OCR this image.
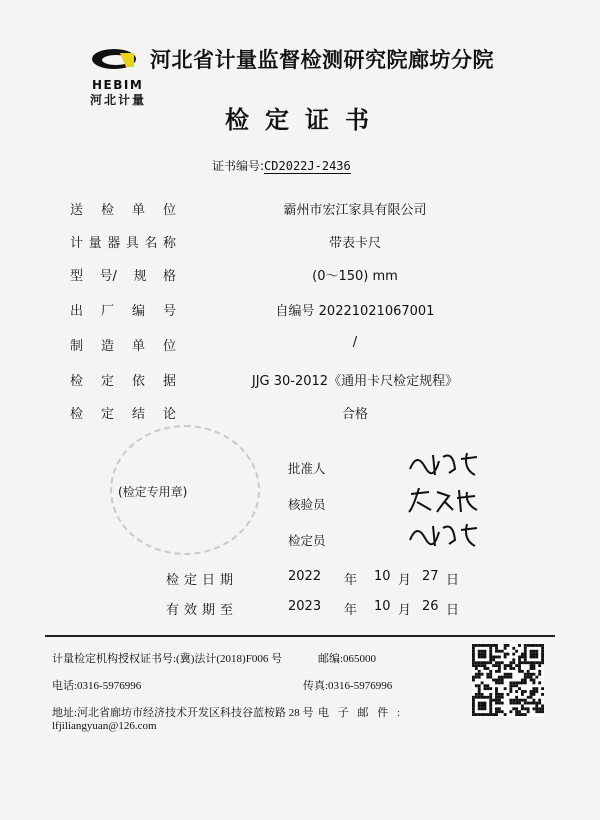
HEBIM
河北计量
河北省计量监督检测研究院廊坊分院
检定证书
证书编号:CD2022J-2436
送 检 单 位	霸州市宏江家具有限公司
计 量 器 具 名 称	带表卡尺
型 号/ 规 格	(0～150) mm
出 厂 编 号	自编号 20221021067001
制 造 单 位	/
检 定 依 据	JJG 30-2012《通用卡尺检定规程》
检 定 结 论	合格
(检定专用章)
批准人
核验员
检定员
检定日期	2022 年 10 月 27 日
有效期至	2023 年 10 月 26 日
计量检定机构授权证书号:(冀)法计(2018)F006 号	邮编:065000
电话:0316-5976996	传真:0316-5976996
地址:河北省廊坊市经济技术开发区科技谷蓝桉路 28 号 电 子 邮 件 :
lfjiliangyuan@126.com
